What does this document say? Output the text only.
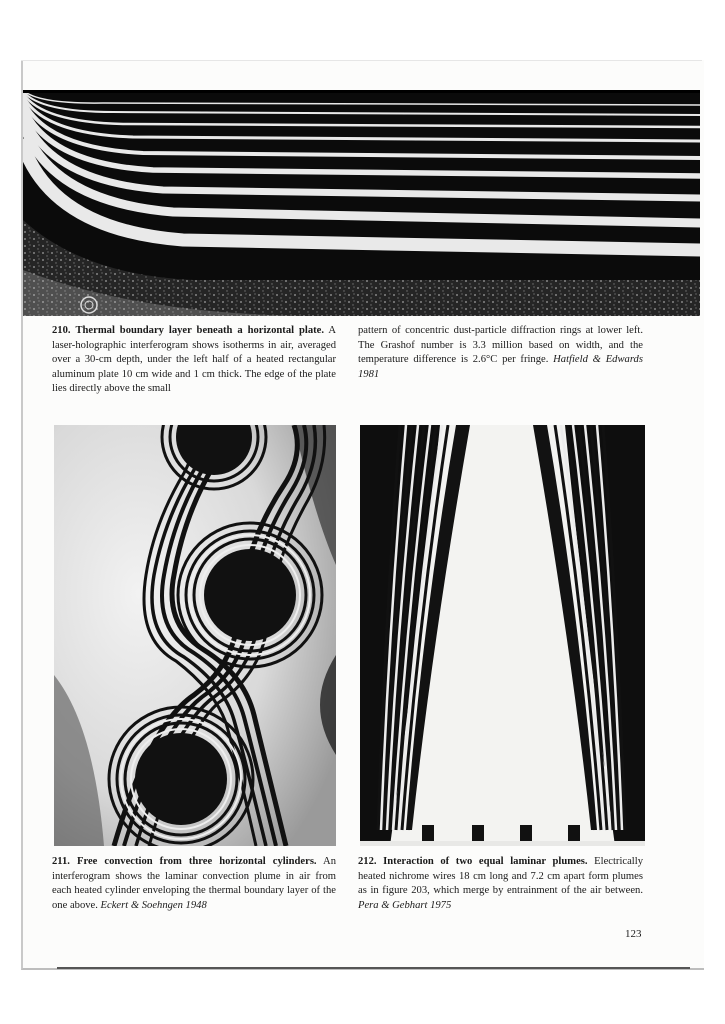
210. Thermal boundary layer beneath a horizontal plate. A laser-holographic interferogram shows isotherms in air, averaged over a 30-cm depth, under the left half of a heated rectangular aluminum plate 10 cm wide and 1 cm thick. The edge of the plate lies directly above the small
pattern of concentric dust-particle diffraction rings at lower left. The Grashof number is 3.3 million based on width, and the temperature difference is 2.6°C per fringe. Hatfield & Edwards 1981
211. Free convection from three horizontal cylinders. An interferogram shows the laminar convection plume in air from each heated cylinder enveloping the thermal boundary layer of the one above. Eckert & Soehngen 1948
212. Interaction of two equal laminar plumes. Electrically heated nichrome wires 18 cm long and 7.2 cm apart form plumes as in figure 203, which merge by entrainment of the air between. Pera & Gebhart 1975
123
